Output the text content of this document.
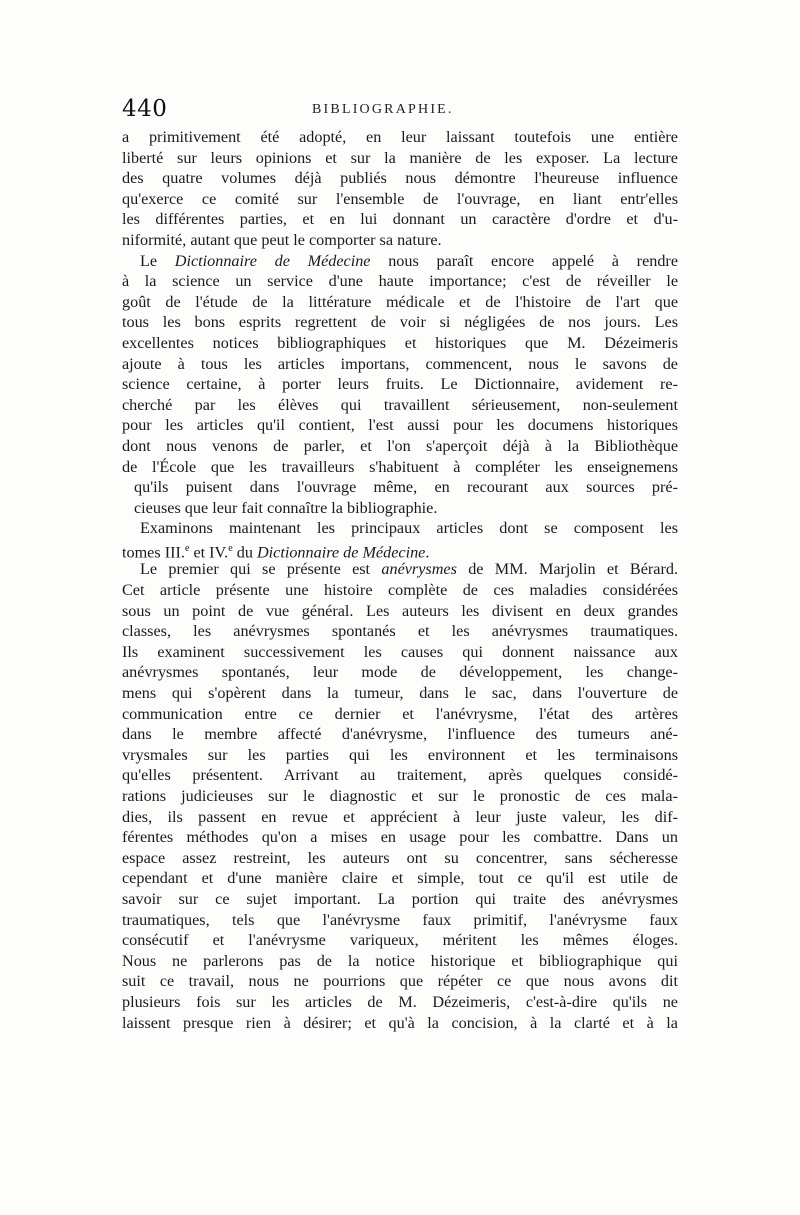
440	BIBLIOGRAPHIE.
a primitivement été adopté, en leur laissant toutefois une entière
liberté sur leurs opinions et sur la manière de les exposer. La lecture
des quatre volumes déjà publiés nous démontre l'heureuse influence
qu'exerce ce comité sur l'ensemble de l'ouvrage, en liant entr'elles
les différentes parties, et en lui donnant un caractère d'ordre et d'u-
niformité, autant que peut le comporter sa nature.
Le Dictionnaire de Médecine nous paraît encore appelé à rendre
à la science un service d'une haute importance; c'est de réveiller le
goût de l'étude de la littérature médicale et de l'histoire de l'art que
tous les bons esprits regrettent de voir si négligées de nos jours. Les
excellentes notices bibliographiques et historiques que M. Dézeimeris
ajoute à tous les articles importans, commencent, nous le savons de
science certaine, à porter leurs fruits. Le Dictionnaire, avidement re-
cherché par les élèves qui travaillent sérieusement, non-seulement
pour les articles qu'il contient, l'est aussi pour les documens historiques
dont nous venons de parler, et l'on s'aperçoit déjà à la Bibliothèque
de l'École que les travailleurs s'habituent à compléter les enseignemens
qu'ils puisent dans l'ouvrage même, en recourant aux sources pré-
cieuses que leur fait connaître la bibliographie.
Examinons maintenant les principaux articles dont se composent les
tomes III.$^e$ et IV.$^e$ du Dictionnaire de Médecine.
Le premier qui se présente est anévrysmes de MM. Marjolin et Bérard.
Cet article présente une histoire complète de ces maladies considérées
sous un point de vue général. Les auteurs les divisent en deux grandes
classes, les anévrysmes spontanés et les anévrysmes traumatiques.
Ils examinent successivement les causes qui donnent naissance aux
anévrysmes spontanés, leur mode de développement, les change-
mens qui s'opèrent dans la tumeur, dans le sac, dans l'ouverture de
communication entre ce dernier et l'anévrysme, l'état des artères
dans le membre affecté d'anévrysme, l'influence des tumeurs ané-
vrysmales sur les parties qui les environnent et les terminaisons
qu'elles présentent. Arrivant au traitement, après quelques considé-
rations judicieuses sur le diagnostic et sur le pronostic de ces mala-
dies, ils passent en revue et apprécient à leur juste valeur, les dif-
férentes méthodes qu'on a mises en usage pour les combattre. Dans un
espace assez restreint, les auteurs ont su concentrer, sans sécheresse
cependant et d'une manière claire et simple, tout ce qu'il est utile de
savoir sur ce sujet important. La portion qui traite des anévrysmes
traumatiques, tels que l'anévrysme faux primitif, l'anévrysme faux
consécutif et l'anévrysme variqueux, méritent les mêmes éloges.
Nous ne parlerons pas de la notice historique et bibliographique qui
suit ce travail, nous ne pourrions que répéter ce que nous avons dit
plusieurs fois sur les articles de M. Dézeimeris, c'est-à-dire qu'ils ne
laissent presque rien à désirer; et qu'à la concision, à la clarté et à la
